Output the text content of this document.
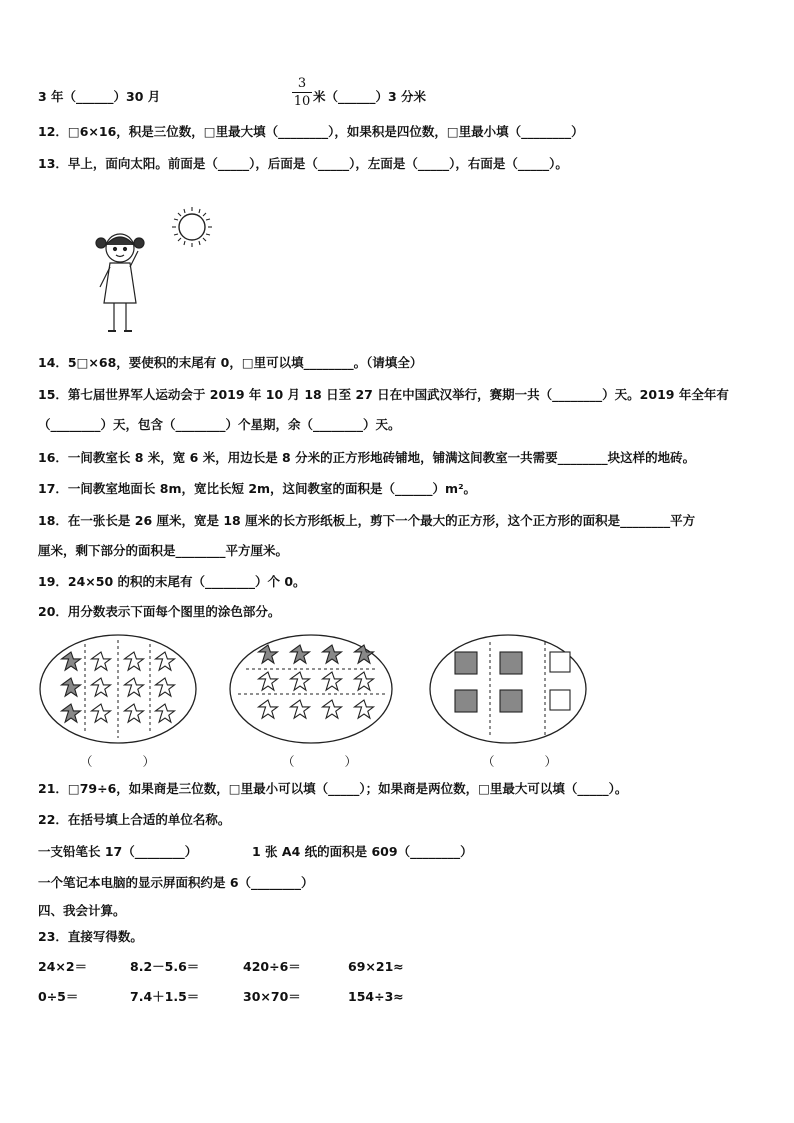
3 年（______）30 月
3
10 米（______）3 分米
12．□6×16，积是三位数，□里最大填（________），如果积是四位数，□里最小填（________）
13．早上，面向太阳。前面是（_____），后面是（_____），左面是（_____），右面是（_____）。
14．5□×68，要使积的末尾有 0，□里可以填________。（请填全）
15．第七届世界军人运动会于 2019 年 10 月 18 日至 27 日在中国武汉举行，赛期一共（________）天。2019 年全年有
（________）天，包含（________）个星期，余（________）天。
16．一间教室长 8 米，宽 6 米，用边长是 8 分米的正方形地砖铺地，铺满这间教室一共需要________块这样的地砖。
17．一间教室地面长 8m，宽比长短 2m，这间教室的面积是（______）m²。
18．在一张长是 26 厘米，宽是 18 厘米的长方形纸板上，剪下一个最大的正方形，这个正方形的面积是________平方
厘米，剩下部分的面积是________平方厘米。
19．24×50 的积的末尾有（________）个 0。
20．用分数表示下面每个图里的涂色部分。
（　　　　）	（　　　　）	（　　　　）
21．□79÷6，如果商是三位数，□里最小可以填（_____）；如果商是两位数，□里最大可以填（_____）。
22．在括号填上合适的单位名称。
一支铅笔长 17（________）	1 张 A4 纸的面积是 609（________）
一个笔记本电脑的显示屏面积约是 6（________）
四、我会计算。
23．直接写得数。
24×2＝	8.2－5.6＝	420÷6＝	69×21≈
0÷5＝	7.4＋1.5＝	30×70＝	154÷3≈
